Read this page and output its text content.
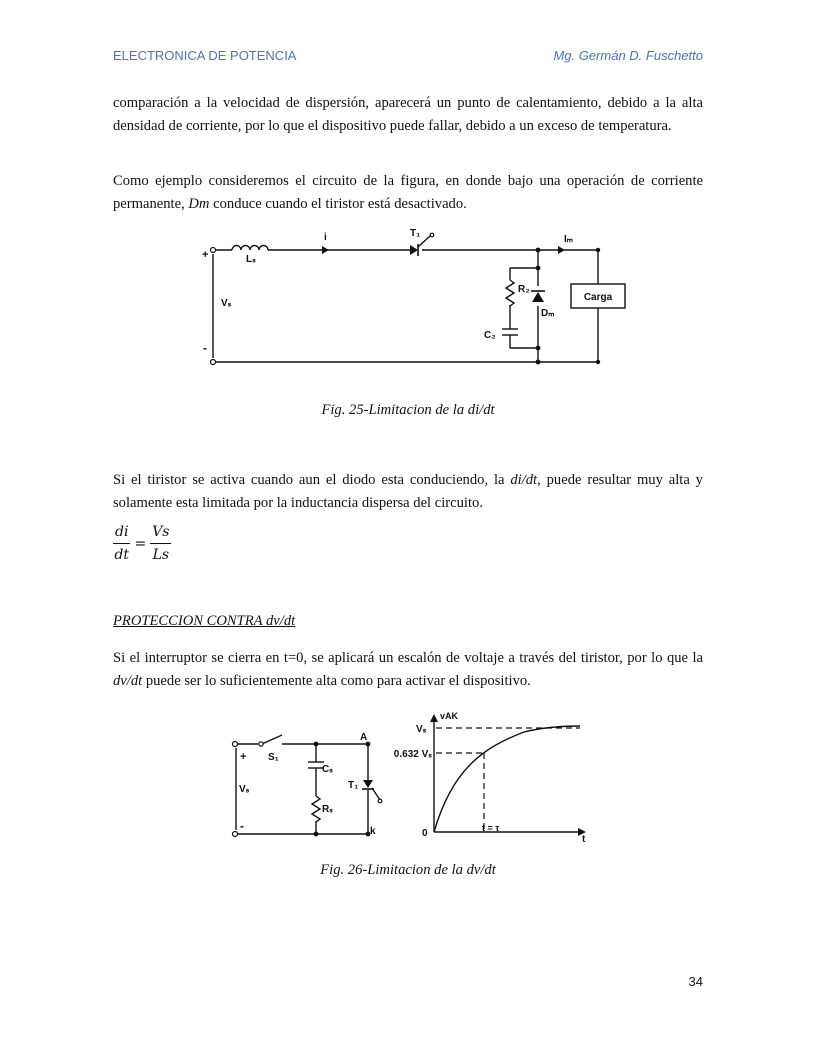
ELECTRONICA DE POTENCIA	Mg. Germán D. Fuschetto
comparación a la velocidad de dispersión, aparecerá un punto de calentamiento, debido a la alta densidad de corriente, por lo que el dispositivo puede fallar, debido a un exceso de temperatura.
Como ejemplo consideremos el circuito de la figura, en donde bajo una operación de corriente permanente, Dm conduce cuando el tiristor está desactivado.
Lₛ
i	T₁
Iₘ
+
-
Vₛ
R₂
C₂
Dₘ
Carga
Fig. 25-Limitacion de la di/dt
Si el tiristor se activa cuando aun el diodo esta conduciendo, la di/dt, puede resultar muy alta y solamente esta limitada por la inductancia dispersa del circuito.
$\frac{di}{dt} = \frac{Vs}{Ls}$
PROTECCION CONTRA dv/dt
Si el interruptor se cierra en t=0, se aplicará un escalón de voltaje a través del tiristor, por lo que la dv/dt puede ser lo suficientemente alta como para activar el dispositivo.
+
-
S₁
Vₛ
Cₛ
Rₛ
T₁
A
k
vAK
Vₛ
0.632 Vₛ
0	t = τ
t
Fig. 26-Limitacion de la dv/dt
34
